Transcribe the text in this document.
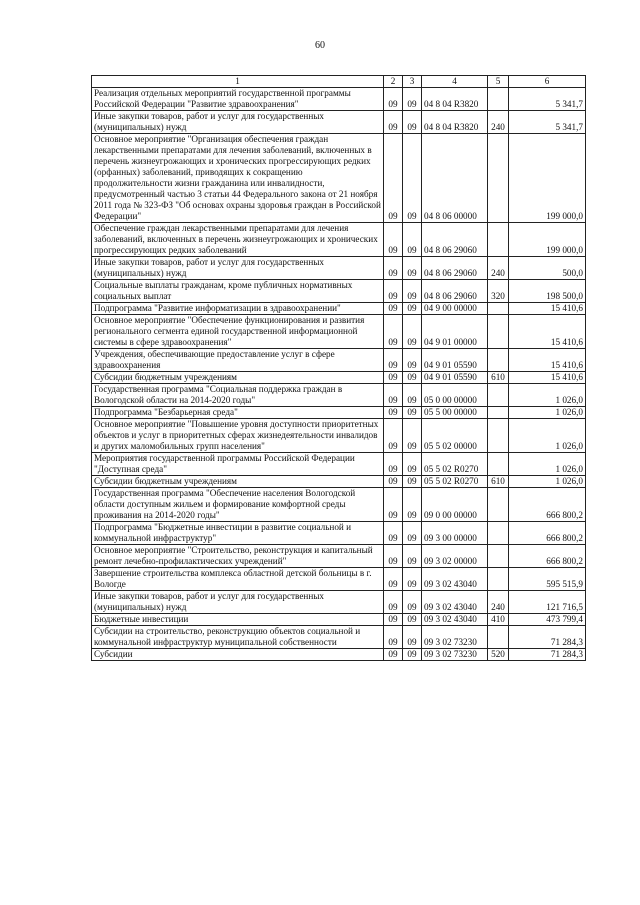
60
1	2	3	4	5	6
Реализация отдельных мероприятий государственной программы Российской Федерации "Развитие здравоохранения"	09	09	04 8 04 R3820		5 341,7
Иные закупки товаров, работ и услуг для государственных (муниципальных) нужд	09	09	04 8 04 R3820	240	5 341,7
Основное мероприятие "Организация обеспечения граждан лекарственными препаратами для лечения заболеваний, включенных в перечень жизнеугрожающих и хронических прогрессирующих редких (орфанных) заболеваний, приводящих к сокращению продолжительности жизни гражданина или инвалидности, предусмотренный частью 3 статьи 44 Федерального закона от 21 ноября 2011 года № 323-ФЗ "Об основах охраны здоровья граждан в Российской Федерации"	09	09	04 8 06 00000		199 000,0
Обеспечение граждан лекарственными препаратами для лечения заболеваний, включенных в перечень жизнеугрожающих и хронических прогрессирующих редких заболеваний	09	09	04 8 06 29060		199 000,0
Иные закупки товаров, работ и услуг для государственных (муниципальных) нужд	09	09	04 8 06 29060	240	500,0
Социальные выплаты гражданам, кроме публичных нормативных социальных выплат	09	09	04 8 06 29060	320	198 500,0
Подпрограмма "Развитие информатизации в здравоохранении"	09	09	04 9 00 00000		15 410,6
Основное мероприятие "Обеспечение функционирования и развития регионального сегмента единой государственной информационной системы в сфере здравоохранения"	09	09	04 9 01 00000		15 410,6
Учреждения, обеспечивающие предоставление услуг в сфере здравоохранения	09	09	04 9 01 05590		15 410,6
Субсидии бюджетным учреждениям	09	09	04 9 01 05590	610	15 410,6
Государственная программа "Социальная поддержка граждан в Вологодской области на 2014-2020 годы"	09	09	05 0 00 00000		1 026,0
Подпрограмма "Безбарьерная среда"	09	09	05 5 00 00000		1 026,0
Основное мероприятие "Повышение уровня доступности приоритетных объектов и услуг в приоритетных сферах жизнедеятельности инвалидов и других маломобильных групп населения"	09	09	05 5 02 00000		1 026,0
Мероприятия государственной программы Российской Федерации "Доступная среда"	09	09	05 5 02 R0270		1 026,0
Субсидии бюджетным учреждениям	09	09	05 5 02 R0270	610	1 026,0
Государственная программа "Обеспечение населения Вологодской области доступным жильем и формирование комфортной среды проживания на 2014-2020 годы"	09	09	09 0 00 00000		666 800,2
Подпрограмма "Бюджетные инвестиции в развитие социальной и коммунальной инфраструктур"	09	09	09 3 00 00000		666 800,2
Основное мероприятие "Строительство, реконструкция и капитальный ремонт лечебно-профилактических учреждений"	09	09	09 3 02 00000		666 800,2
Завершение строительства комплекса областной детской больницы в г. Вологде	09	09	09 3 02 43040		595 515,9
Иные закупки товаров, работ и услуг для государственных (муниципальных) нужд	09	09	09 3 02 43040	240	121 716,5
Бюджетные инвестиции	09	09	09 3 02 43040	410	473 799,4
Субсидии на строительство, реконструкцию объектов социальной и коммунальной инфраструктур муниципальной собственности	09	09	09 3 02 73230		71 284,3
Субсидии	09	09	09 3 02 73230	520	71 284,3
